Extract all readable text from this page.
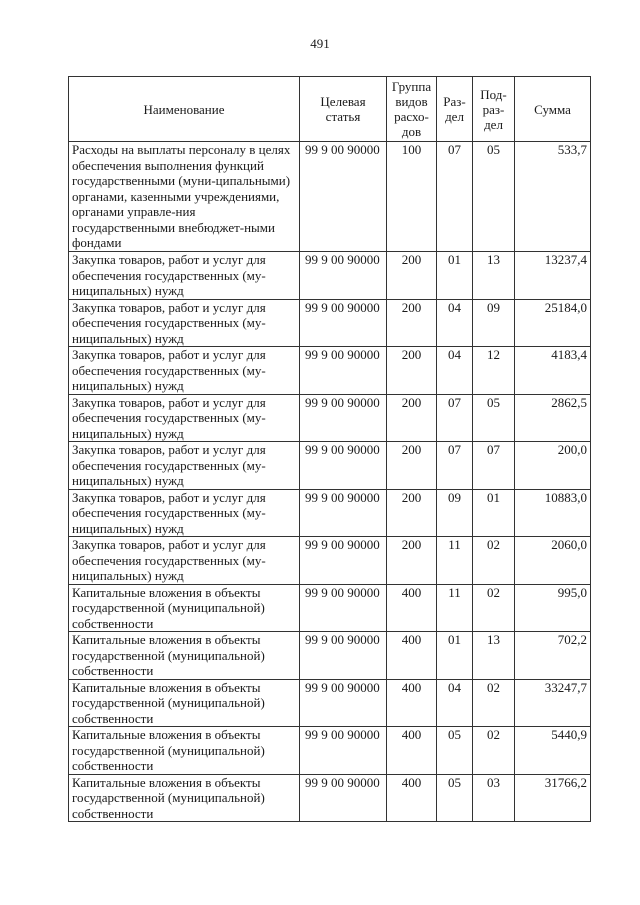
491
Наименование	Целевая статья	Группа видов расхо-дов	Раз-дел	Под-раз-дел	Сумма
Расходы на выплаты персоналу в целях обеспечения выполнения функций государственными (муни-ципальными) органами, казенными учреждениями, органами управле-ния государственными внебюджет-ными фондами	99 9 00 90000	100	07	05	533,7
Закупка товаров, работ и услуг для обеспечения государственных (му-ниципальных) нужд	99 9 00 90000	200	01	13	13237,4
Закупка товаров, работ и услуг для обеспечения государственных (му-ниципальных) нужд	99 9 00 90000	200	04	09	25184,0
Закупка товаров, работ и услуг для обеспечения государственных (му-ниципальных) нужд	99 9 00 90000	200	04	12	4183,4
Закупка товаров, работ и услуг для обеспечения государственных (му-ниципальных) нужд	99 9 00 90000	200	07	05	2862,5
Закупка товаров, работ и услуг для обеспечения государственных (му-ниципальных) нужд	99 9 00 90000	200	07	07	200,0
Закупка товаров, работ и услуг для обеспечения государственных (му-ниципальных) нужд	99 9 00 90000	200	09	01	10883,0
Закупка товаров, работ и услуг для обеспечения государственных (му-ниципальных) нужд	99 9 00 90000	200	11	02	2060,0
Капитальные вложения в объекты государственной (муниципальной) собственности	99 9 00 90000	400	11	02	995,0
Капитальные вложения в объекты государственной (муниципальной) собственности	99 9 00 90000	400	01	13	702,2
Капитальные вложения в объекты государственной (муниципальной) собственности	99 9 00 90000	400	04	02	33247,7
Капитальные вложения в объекты государственной (муниципальной) собственности	99 9 00 90000	400	05	02	5440,9
Капитальные вложения в объекты государственной (муниципальной) собственности	99 9 00 90000	400	05	03	31766,2
